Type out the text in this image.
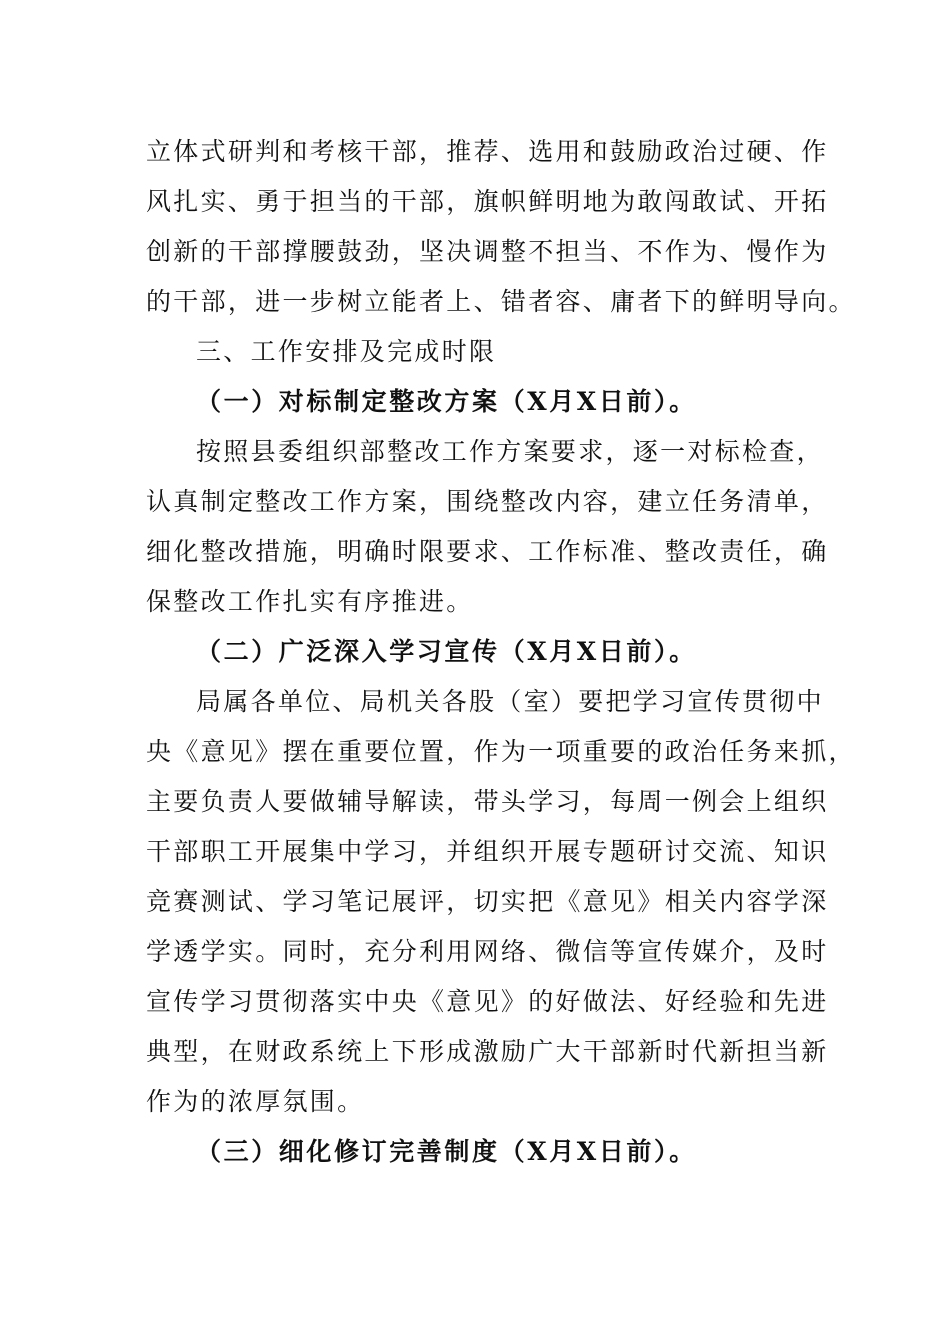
立体式研判和考核干部，推荐、选用和鼓励政治过硬、作
风扎实、勇于担当的干部，旗帜鲜明地为敢闯敢试、开拓
创新的干部撑腰鼓劲，坚决调整不担当、不作为、慢作为
的干部，进一步树立能者上、错者容、庸者下的鲜明导向。
三、工作安排及完成时限
（一）对标制定整改方案（X月X日前）。
按照县委组织部整改工作方案要求，逐一对标检查，
认真制定整改工作方案，围绕整改内容，建立任务清单，
细化整改措施，明确时限要求、工作标准、整改责任，确
保整改工作扎实有序推进。
（二）广泛深入学习宣传（X月X日前）。
局属各单位、局机关各股（室）要把学习宣传贯彻中
央《意见》摆在重要位置，作为一项重要的政治任务来抓，
主要负责人要做辅导解读，带头学习，每周一例会上组织
干部职工开展集中学习，并组织开展专题研讨交流、知识
竞赛测试、学习笔记展评，切实把《意见》相关内容学深
学透学实。同时，充分利用网络、微信等宣传媒介，及时
宣传学习贯彻落实中央《意见》的好做法、好经验和先进
典型，在财政系统上下形成激励广大干部新时代新担当新
作为的浓厚氛围。
（三）细化修订完善制度（X月X日前）。
